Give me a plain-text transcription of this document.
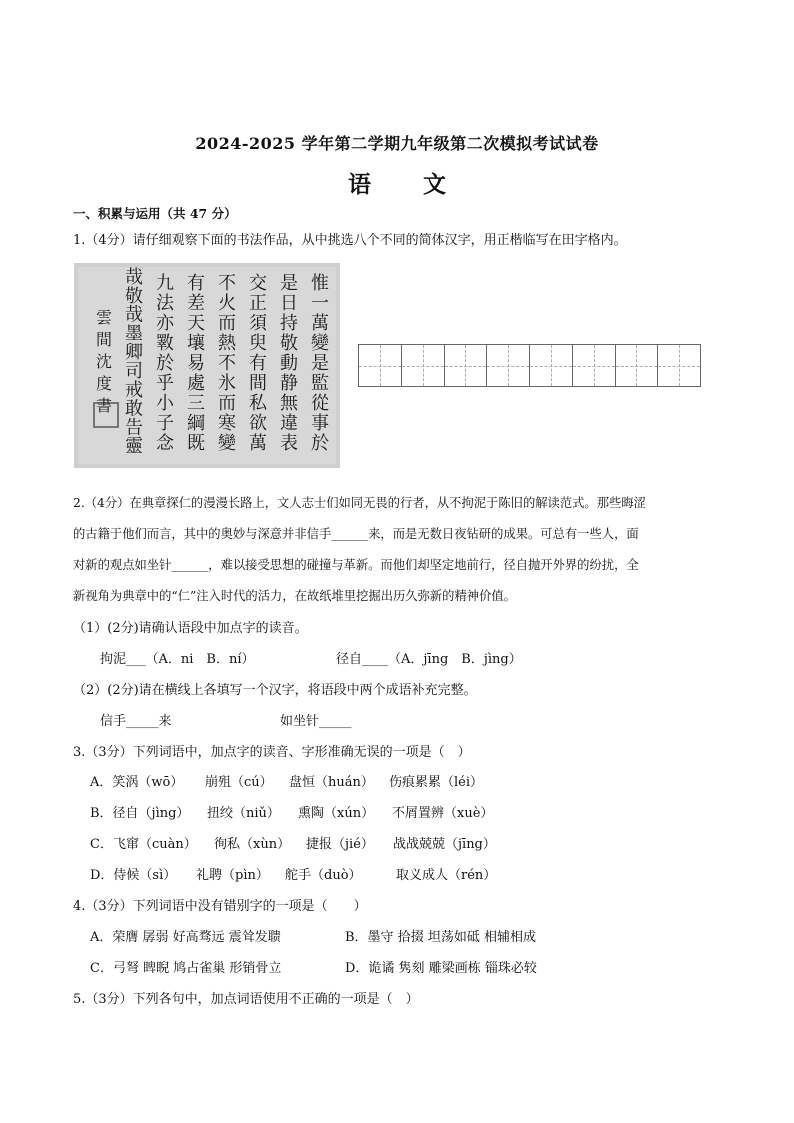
2024-2025 学年第二学期九年级第二次模拟考试试卷
语 文
一、积累与运用（共 47 分）
1.（4分）请仔细观察下面的书法作品，从中挑选八个不同的简体汉字，用正楷临写在田字格内。
惟
一
萬
變
是
監
從
事
於
是
日
持
敬
動
静
無
違
表
交
正
須
臾
有
間
私
欲
萬
不
火
而
熱
不
氷
而
寒
變
有
差
天
壤
易
處
三
綱
既
九
法
亦
斁
於
乎
小
子
念
哉
敬
哉
墨
卿
司
戒
敢
告
靈
雲
間
沈
度
書
2.（4分）在典章探仁的漫漫长路上，文人志士们如同无畏的行者，从不拘泥于陈旧的解读范式。那些晦涩
的古籍于他们而言，其中的奥妙与深意并非信手______来，而是无数日夜钻研的成果。可总有一些人，面
对新的观点如坐针______，难以接受思想的碰撞与革新。而他们却坚定地前行，径自抛开外界的纷扰，全
新视角为典章中的“仁”注入时代的活力，在故纸堆里挖掘出历久弥新的精神价值。
（1）(2分)请确认语段中加点字的读音。
拘泥___（A．ni　B．ní）	径自____（A．jīng　B．jìng）
（2）(2分)请在横线上各填写一个汉字，将语段中两个成语补充完整。
信手_____来	如坐针_____
3.（3分）下列词语中，加点字的读音、字形准确无误的一项是（　）
A．笑涡（wō） 崩殂（cú） 盘恒（huán） 伤痕累累（léi）
B．径自（jìng） 扭绞（niǔ） 熏陶（xún） 不屑置辨（xuè）
C．飞窜（cuàn） 徇私（xùn） 捷报（jié） 战战兢兢（jīng）
D．侍候（sì） 礼聘（pìn） 舵手（duò）	取义成人（rén）
4.（3分）下列词语中没有错别字的一项是（　　）
A．荣膺 孱弱 好高骛远 震耸发聩	B．墨守 拾掇 坦荡如砥 相辅相成
C．弓弩 睥睨 鸠占雀巢 形销骨立	D．诡谲 隽刻 雕梁画栋 锱珠必较
5.（3分）下列各句中，加点词语使用不正确的一项是（　）
